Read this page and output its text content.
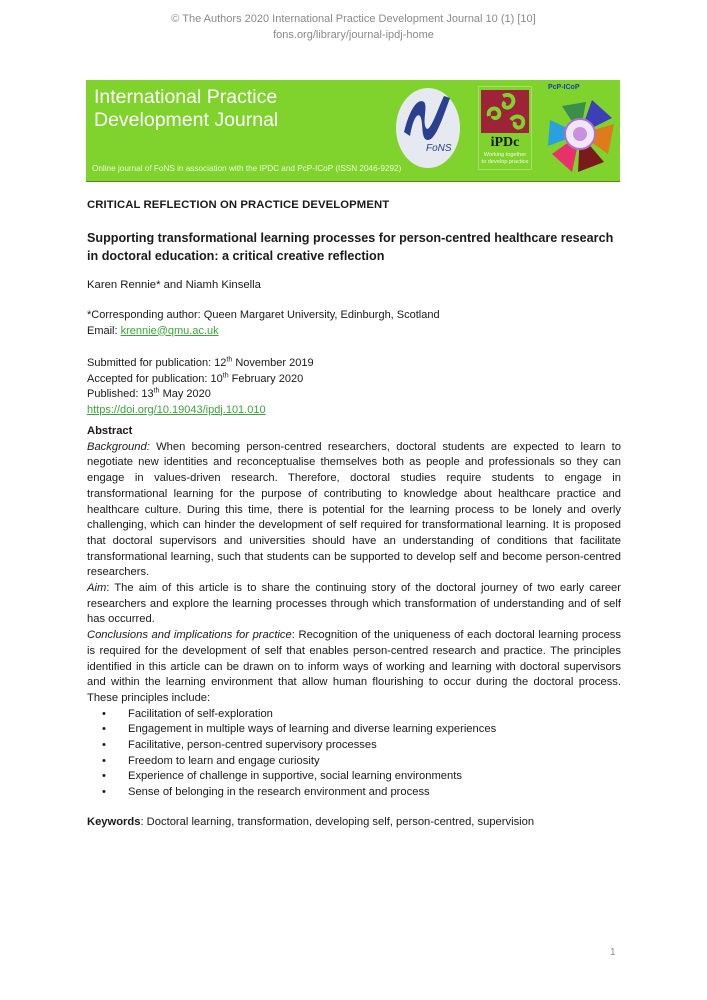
© The Authors 2020 International Practice Development Journal 10 (1) [10]
fons.org/library/journal-ipdj-home
International Practice
Development Journal
Online journal of FoNS in association with the IPDC and PcP-ICoP (ISSN 2046-9292)
FoNS	iPDc
Working together
to develop practice
PcP-ICoP
CRITICAL REFLECTION ON PRACTICE DEVELOPMENT
Supporting transformational learning processes for person-centred healthcare research in doctoral education: a critical creative reflection
Karen Rennie* and Niamh Kinsella
*Corresponding author: Queen Margaret University, Edinburgh, Scotland
Email: krennie@qmu.ac.uk
Submitted for publication: 12th November 2019
Accepted for publication: 10th February 2020
Published: 13th May 2020
https://doi.org/10.19043/ipdj.101.010
Abstract

Background: When becoming person-centred researchers, doctoral students are expected to learn to negotiate new identities and reconceptualise themselves both as people and professionals so they can engage in values-driven research. Therefore, doctoral studies require students to engage in transformational learning for the purpose of contributing to knowledge about healthcare practice and healthcare culture. During this time, there is potential for the learning process to be lonely and overly challenging, which can hinder the development of self required for transformational learning. It is proposed that doctoral supervisors and universities should have an understanding of conditions that facilitate transformational learning, such that students can be supported to develop self and become person-centred researchers.

Aim: The aim of this article is to share the continuing story of the doctoral journey of two early career researchers and explore the learning processes through which transformation of understanding and of self has occurred.

Conclusions and implications for practice: Recognition of the uniqueness of each doctoral learning process is required for the development of self that enables person-centred research and practice. The principles identified in this article can be drawn on to inform ways of working and learning with doctoral supervisors and within the learning environment that allow human flourishing to occur during the doctoral process. These principles include:

• Facilitation of self-exploration
• Engagement in multiple ways of learning and diverse learning experiences
• Facilitative, person-centred supervisory processes
• Freedom to learn and engage curiosity
• Experience of challenge in supportive, social learning environments
• Sense of belonging in the research environment and process
Keywords: Doctoral learning, transformation, developing self, person-centred, supervision
1
